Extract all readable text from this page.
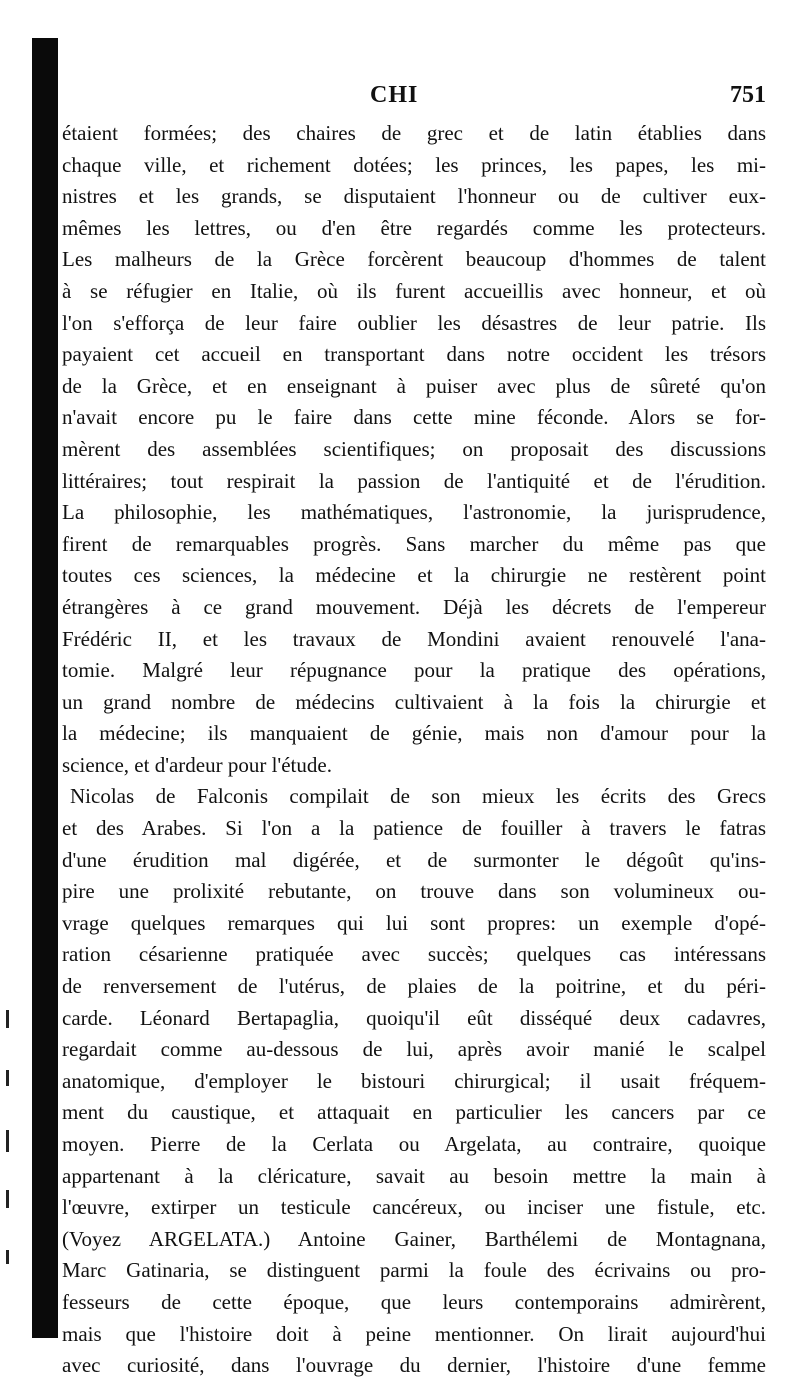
CHI	751
étaient formées; des chaires de grec et de latin établies dans
chaque ville, et richement dotées; les princes, les papes, les mi-
nistres et les grands, se disputaient l'honneur ou de cultiver eux-
mêmes les lettres, ou d'en être regardés comme les protecteurs.
Les malheurs de la Grèce forcèrent beaucoup d'hommes de talent
à se réfugier en Italie, où ils furent accueillis avec honneur, et où
l'on s'efforça de leur faire oublier les désastres de leur patrie. Ils
payaient cet accueil en transportant dans notre occident les trésors
de la Grèce, et en enseignant à puiser avec plus de sûreté qu'on
n'avait encore pu le faire dans cette mine féconde. Alors se for-
mèrent des assemblées scientifiques; on proposait des discussions
littéraires; tout respirait la passion de l'antiquité et de l'érudition.
La philosophie, les mathématiques, l'astronomie, la jurisprudence,
firent de remarquables progrès. Sans marcher du même pas que
toutes ces sciences, la médecine et la chirurgie ne restèrent point
étrangères à ce grand mouvement. Déjà les décrets de l'empereur
Frédéric II, et les travaux de Mondini avaient renouvelé l'ana-
tomie. Malgré leur répugnance pour la pratique des opérations,
un grand nombre de médecins cultivaient à la fois la chirurgie et
la médecine; ils manquaient de génie, mais non d'amour pour la
science, et d'ardeur pour l'étude.
Nicolas de Falconis compilait de son mieux les écrits des Grecs
et des Arabes. Si l'on a la patience de fouiller à travers le fatras
d'une érudition mal digérée, et de surmonter le dégoût qu'ins-
pire une prolixité rebutante, on trouve dans son volumineux ou-
vrage quelques remarques qui lui sont propres: un exemple d'opé-
ration césarienne pratiquée avec succès; quelques cas intéressans
de renversement de l'utérus, de plaies de la poitrine, et du péri-
carde. Léonard Bertapaglia, quoiqu'il eût disséqué deux cadavres,
regardait comme au-dessous de lui, après avoir manié le scalpel
anatomique, d'employer le bistouri chirurgical; il usait fréquem-
ment du caustique, et attaquait en particulier les cancers par ce
moyen. Pierre de la Cerlata ou Argelata, au contraire, quoique
appartenant à la cléricature, savait au besoin mettre la main à
l'œuvre, extirper un testicule cancéreux, ou inciser une fistule, etc.
(Voyez ARGELATA.) Antoine Gainer, Barthélemi de Montagnana,
Marc Gatinaria, se distinguent parmi la foule des écrivains ou pro-
fesseurs de cette époque, que leurs contemporains admirèrent,
mais que l'histoire doit à peine mentionner. On lirait aujourd'hui
avec curiosité, dans l'ouvrage du dernier, l'histoire d'une femme
